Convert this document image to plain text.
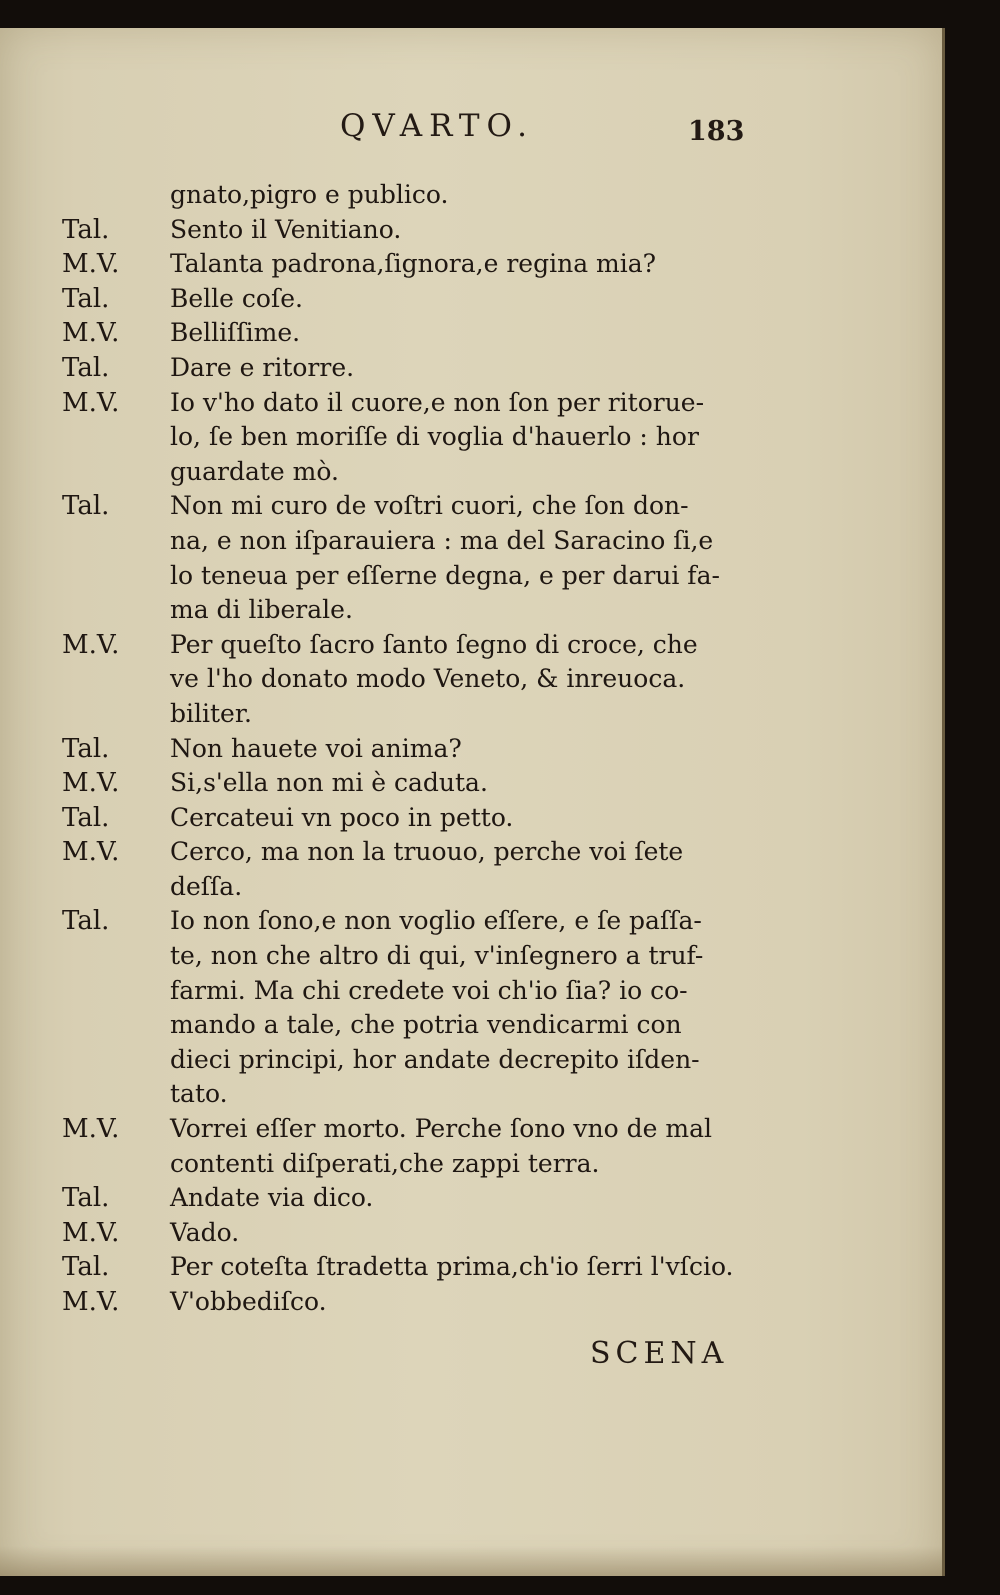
QVARTO.	183
gnato,pigro e publico.
Tal. Sento il Venitiano.
M.V. Talanta padrona,ſignora,e regina mia?
Tal. Belle coſe.
M.V. Belliſſime.
Tal. Dare e ritorre.
M.V. Io v'ho dato il cuore,e non ſon per ritorue-
lo, ſe ben moriſſe di voglia d'hauerlo : hor
guardate mò.
Tal. Non mi curo de voſtri cuori, che ſon don-
na, e non iſparauiera : ma del Saracino ſi,e
lo teneua per eſſerne degna, e per darui fa-
ma di liberale.
M.V. Per queſto ſacro ſanto ſegno di croce, che
ve l'ho donato modo Veneto, & inreuoca.
biliter.
Tal. Non hauete voi anima?
M.V. Si,s'ella non mi è caduta.
Tal. Cercateui vn poco in petto.
M.V. Cerco, ma non la truouo, perche voi ſete
deſſa.
Tal. Io non ſono,e non voglio eſſere, e ſe paſſa-
te, non che altro di qui, v'inſegnero a truf-
farmi. Ma chi credete voi ch'io ſia? io co-
mando a tale, che potria vendicarmi con
dieci principi, hor andate decrepito iſden-
tato.
M.V. Vorrei eſſer morto. Perche ſono vno de mal
contenti diſperati,che zappi terra.
Tal. Andate via dico.
M.V. Vado.
Tal. Per coteſta ſtradetta prima,ch'io ſerri l'vſcio.
M.V. V'obbediſco.
SCENA
